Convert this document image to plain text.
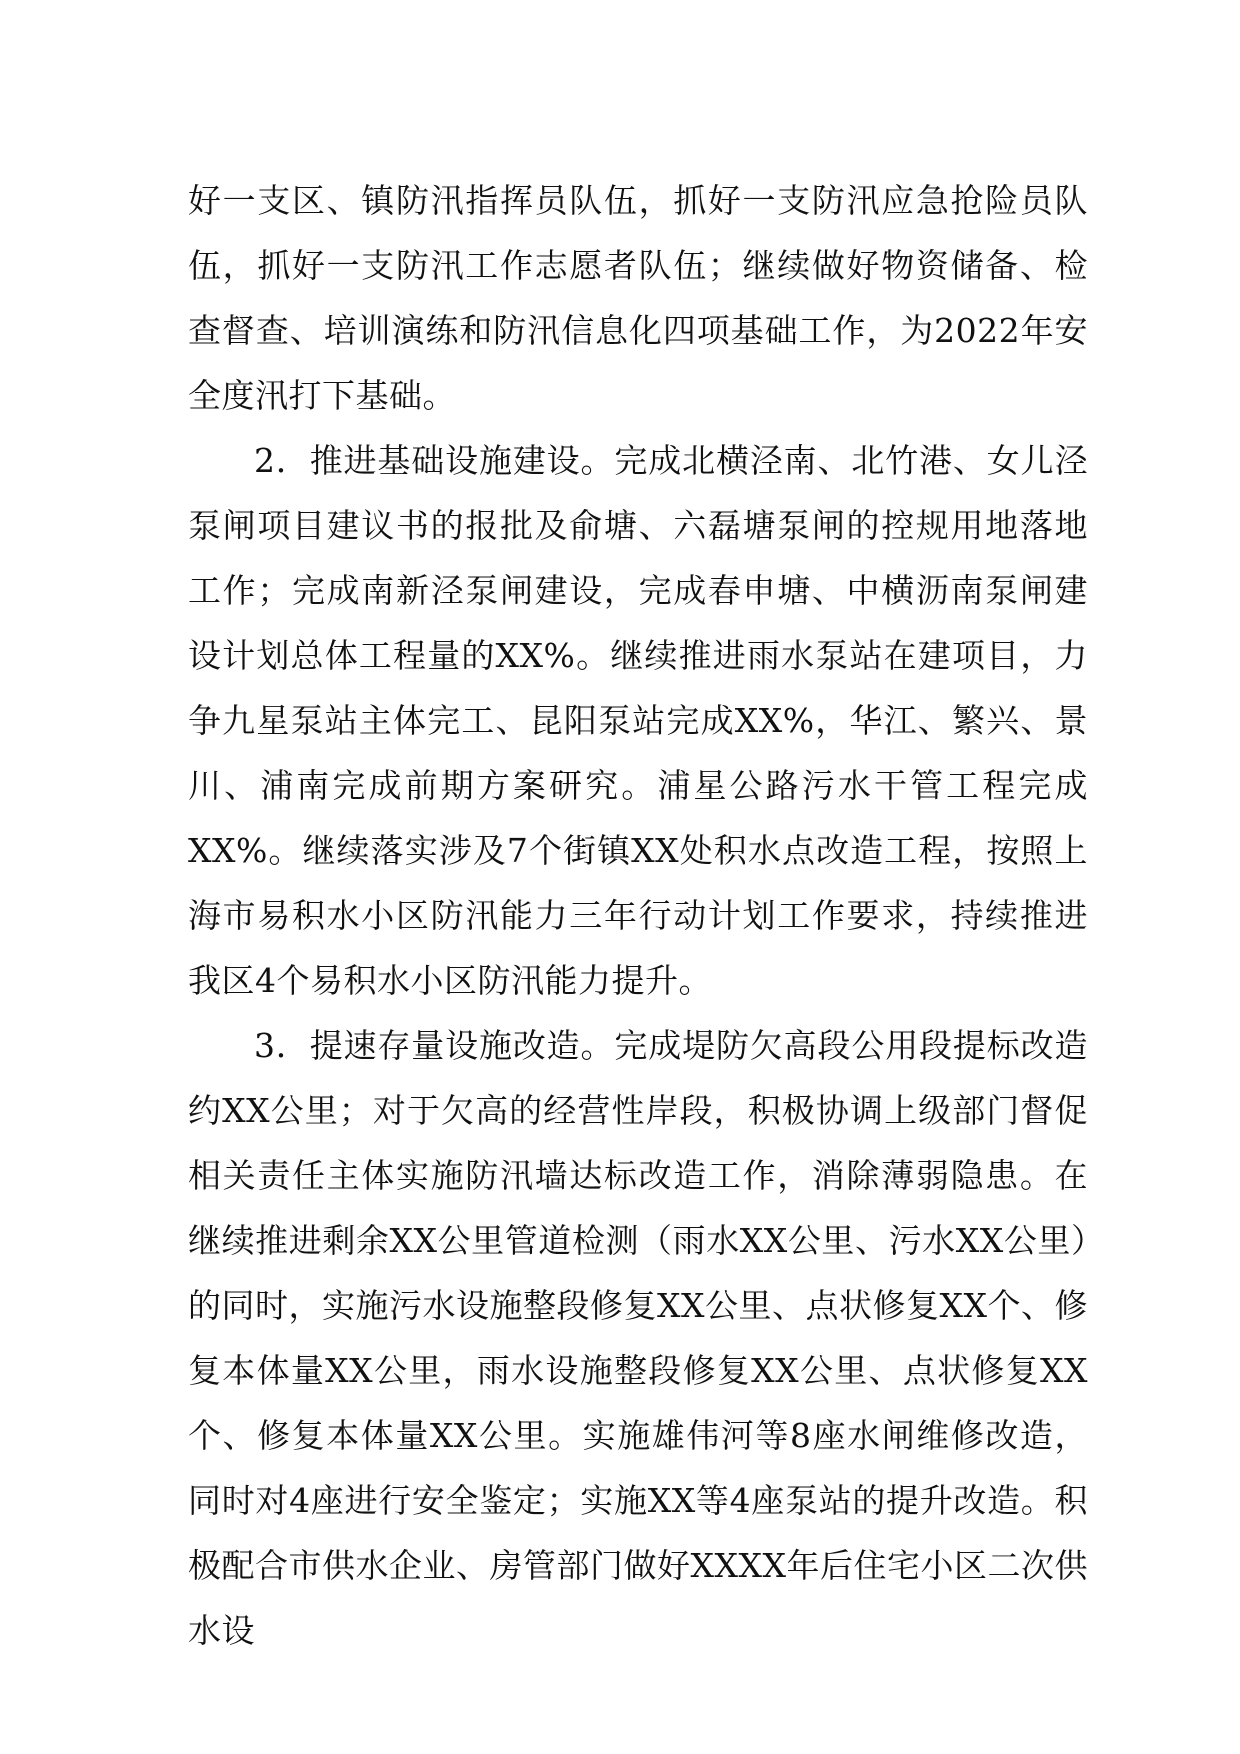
好一支区、镇防汛指挥员队伍，抓好一支防汛应急抢险员队伍，抓好一支防汛工作志愿者队伍；继续做好物资储备、检查督查、培训演练和防汛信息化四项基础工作，为2022年安全度汛打下基础。

2．推进基础设施建设。完成北横泾南、北竹港、女儿泾泵闸项目建议书的报批及俞塘、六磊塘泵闸的控规用地落地工作；完成南新泾泵闸建设，完成春申塘、中横沥南泵闸建设计划总体工程量的XX%。继续推进雨水泵站在建项目，力争九星泵站主体完工、昆阳泵站完成XX%，华江、繁兴、景川、浦南完成前期方案研究。浦星公路污水干管工程完成XX%。继续落实涉及7个街镇XX处积水点改造工程，按照上海市易积水小区防汛能力三年行动计划工作要求，持续推进我区4个易积水小区防汛能力提升。

3．提速存量设施改造。完成堤防欠高段公用段提标改造约XX公里；对于欠高的经营性岸段，积极协调上级部门督促相关责任主体实施防汛墙达标改造工作，消除薄弱隐患。在继续推进剩余XX公里管道检测（雨水XX公里、污水XX公里）的同时，实施污水设施整段修复XX公里、点状修复XX个、修复本体量XX公里，雨水设施整段修复XX公里、点状修复XX个、修复本体量XX公里。实施雄伟河等8座水闸维修改造，同时对4座进行安全鉴定；实施XX等4座泵站的提升改造。积极配合市供水企业、房管部门做好XXXX年后住宅小区二次供水设
